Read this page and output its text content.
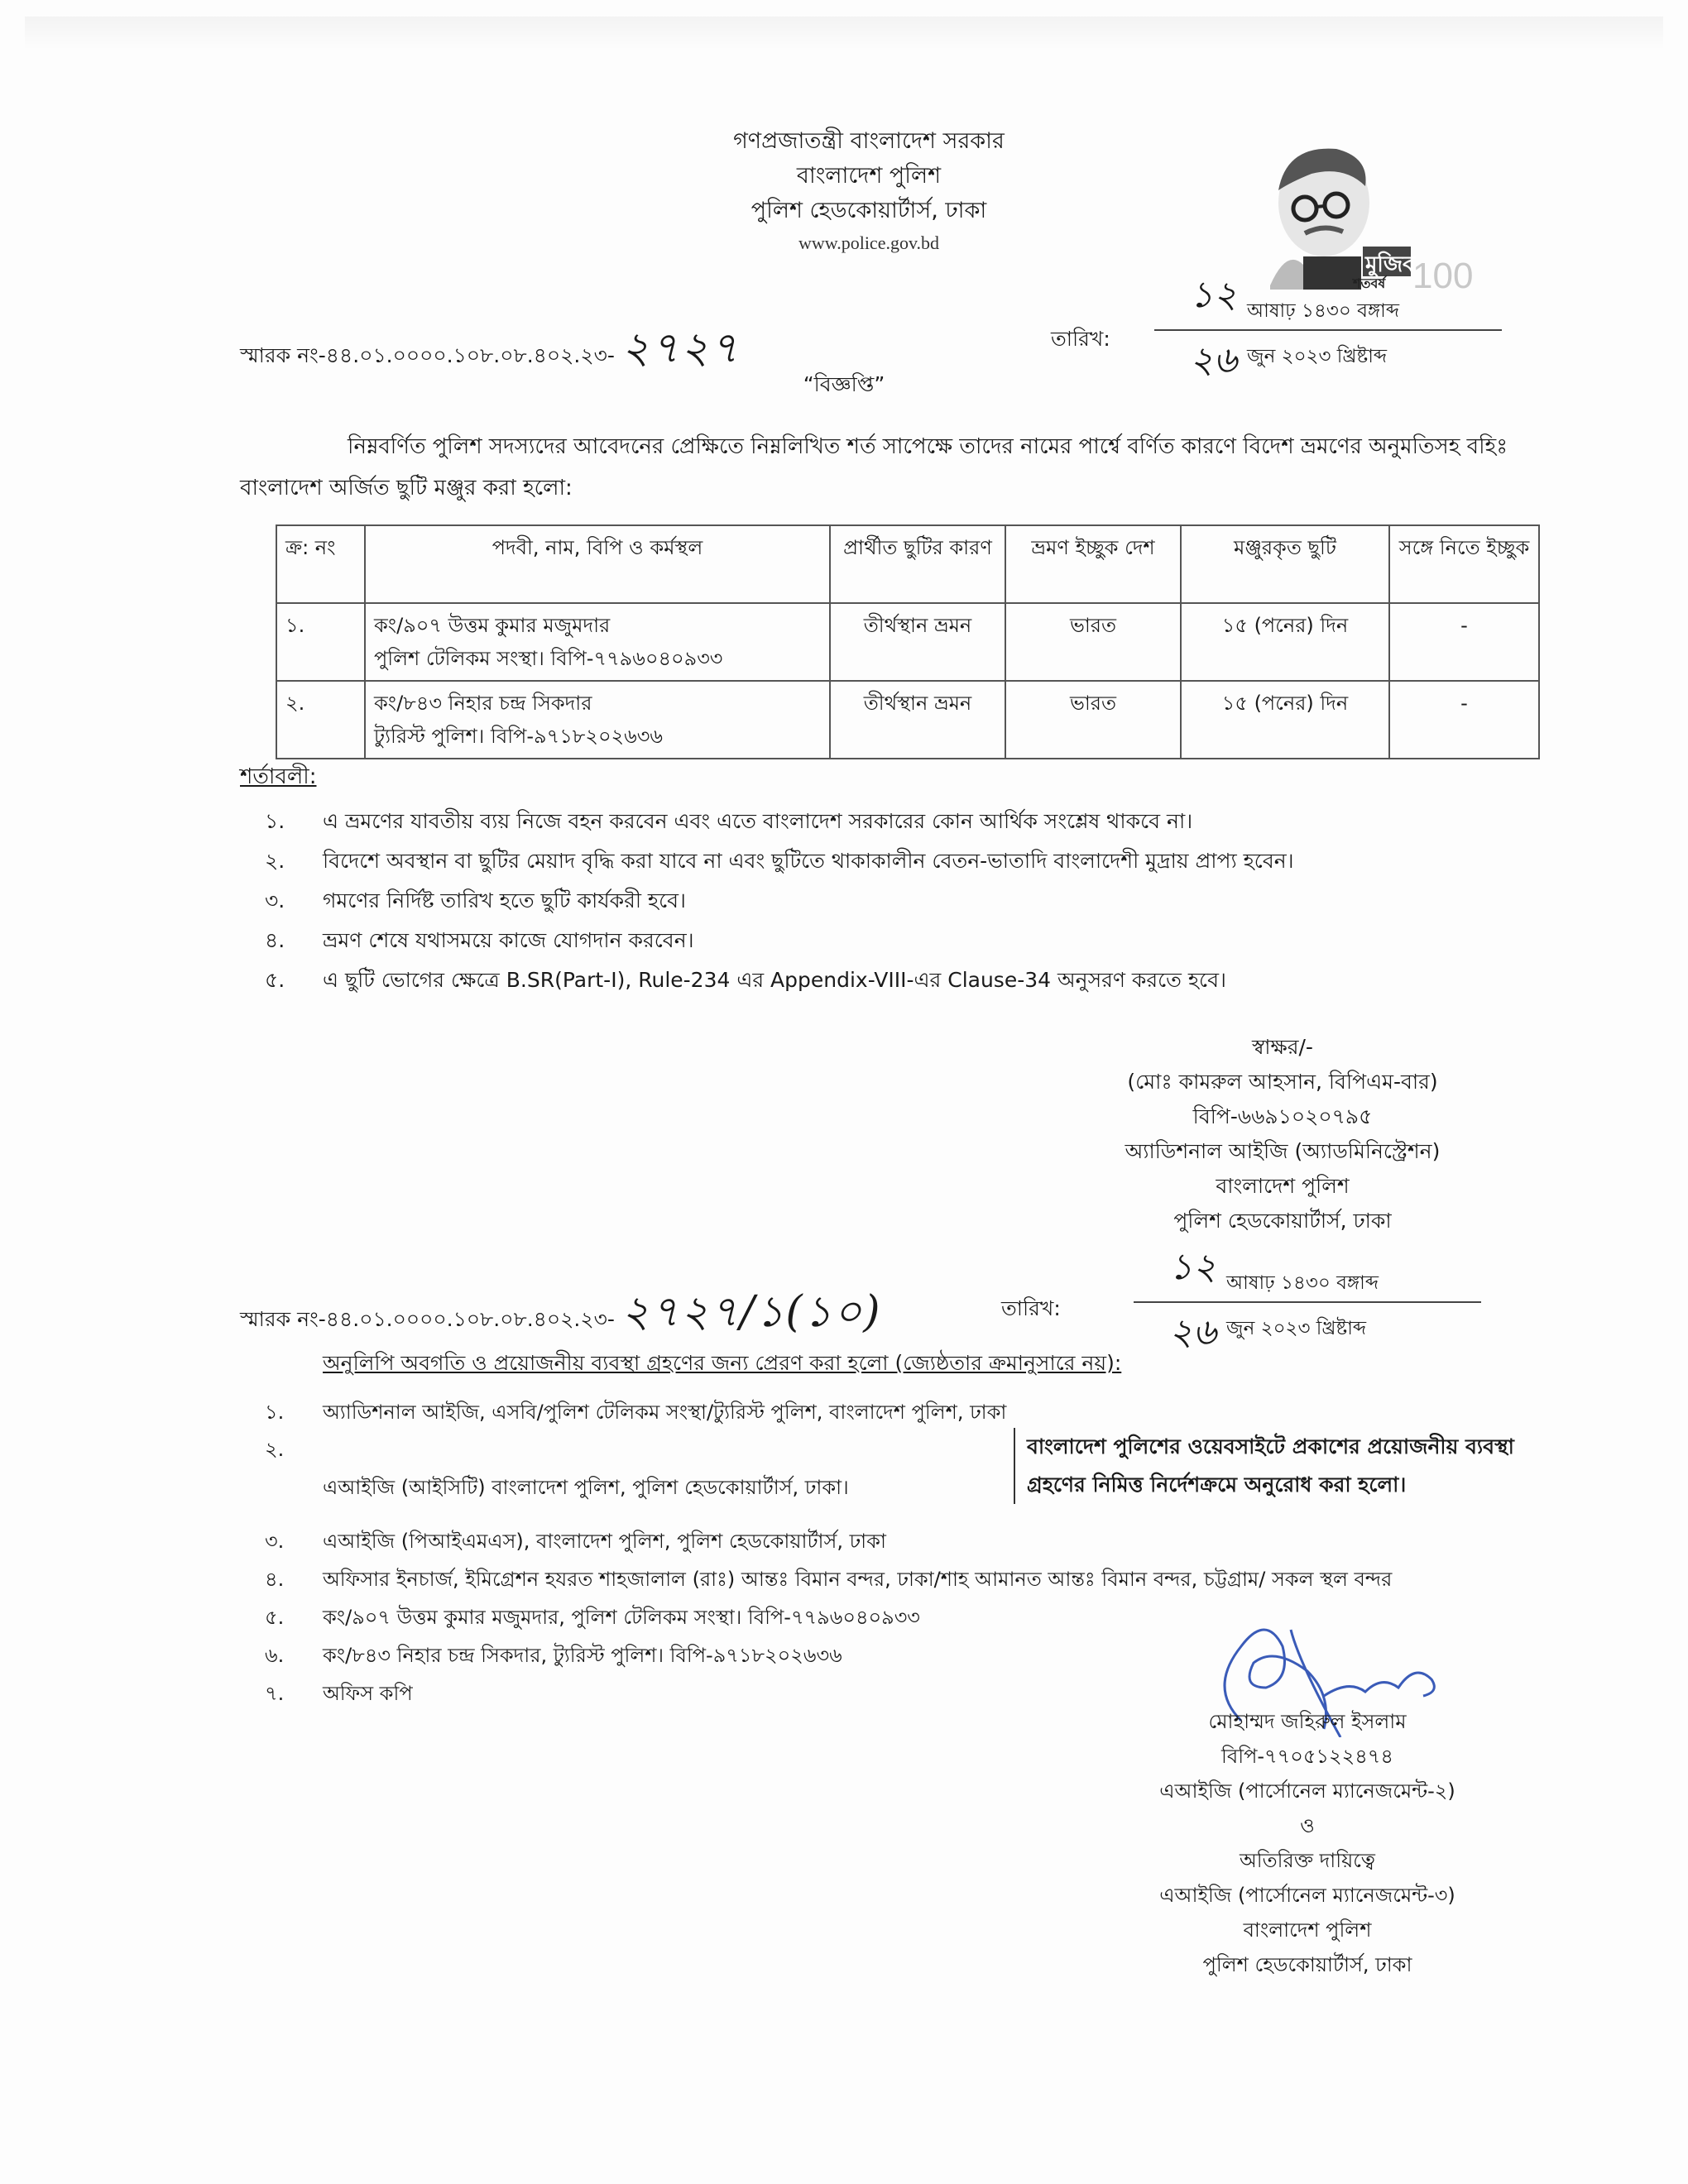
গণপ্রজাতন্ত্রী বাংলাদেশ সরকার
বাংলাদেশ পুলিশ
পুলিশ হেডকোয়ার্টার্স, ঢাকা
www.police.gov.bd
মুজিব
শতবর্ষ 100
স্মারক নং-৪৪.০১.০০০০.১০৮.০৮.৪০২.২৩- ২৭২৭	তারিখ:
১২ আষাঢ় ১৪৩০ বঙ্গাব্দ
২৬ জুন ২০২৩ খ্রিষ্টাব্দ
“বিজ্ঞপ্তি”
নিম্নবর্ণিত পুলিশ সদস্যদের আবেদনের প্রেক্ষিতে নিম্নলিখিত শর্ত সাপেক্ষে তাদের নামের পার্শ্বে বর্ণিত কারণে বিদেশ ভ্রমণের অনুমতিসহ বহিঃ বাংলাদেশ অর্জিত ছুটি মঞ্জুর করা হলো:
ক্র: নং	পদবী, নাম, বিপি ও কর্মস্থল	প্রার্থীত ছুটির কারণ	ভ্রমণ ইচ্ছুক দেশ	মঞ্জুরকৃত ছুটি	সঙ্গে নিতে ইচ্ছুক
১.	কং/৯০৭ উত্তম কুমার মজুমদার
পুলিশ টেলিকম সংস্থা। বিপি-৭৭৯৬০৪০৯৩৩	তীর্থস্থান ভ্রমন	ভারত	১৫ (পনের) দিন	-
২.	কং/৮৪৩ নিহার চন্দ্র সিকদার
ট্যুরিস্ট পুলিশ। বিপি-৯৭১৮২০২৬৩৬	তীর্থস্থান ভ্রমন	ভারত	১৫ (পনের) দিন	-
শর্তাবলী:
১.	এ ভ্রমণের যাবতীয় ব্যয় নিজে বহন করবেন এবং এতে বাংলাদেশ সরকারের কোন আর্থিক সংশ্লেষ থাকবে না।
২.	বিদেশে অবস্থান বা ছুটির মেয়াদ বৃদ্ধি করা যাবে না এবং ছুটিতে থাকাকালীন বেতন-ভাতাদি বাংলাদেশী মুদ্রায় প্রাপ্য হবেন।
৩.	গমণের নির্দিষ্ট তারিখ হতে ছুটি কার্যকরী হবে।
৪.	ভ্রমণ শেষে যথাসময়ে কাজে যোগদান করবেন।
৫.	এ ছুটি ভোগের ক্ষেত্রে B.SR(Part-I), Rule-234 এর Appendix-VIII-এর Clause-34 অনুসরণ করতে হবে।
স্বাক্ষর/-
(মোঃ কামরুল আহসান, বিপিএম-বার)
বিপি-৬৬৯১০২০৭৯৫
অ্যাডিশনাল আইজি (অ্যাডমিনিস্ট্রেশন)
বাংলাদেশ পুলিশ
পুলিশ হেডকোয়ার্টার্স, ঢাকা
স্মারক নং-৪৪.০১.০০০০.১০৮.০৮.৪০২.২৩- ২৭২৭/১(১০)	তারিখ:
১২ আষাঢ় ১৪৩০ বঙ্গাব্দ
২৬ জুন ২০২৩ খ্রিষ্টাব্দ
অনুলিপি অবগতি ও প্রয়োজনীয় ব্যবস্থা গ্রহণের জন্য প্রেরণ করা হলো (জ্যেষ্ঠতার ক্রমানুসারে নয়):
১.	অ্যাডিশনাল আইজি, এসবি/পুলিশ টেলিকম সংস্থা/ট্যুরিস্ট পুলিশ, বাংলাদেশ পুলিশ, ঢাকা
২.
এআইজি (আইসিটি) বাংলাদেশ পুলিশ, পুলিশ হেডকোয়ার্টার্স, ঢাকা।
বাংলাদেশ পুলিশের ওয়েবসাইটে প্রকাশের প্রয়োজনীয় ব্যবস্থা গ্রহণের নিমিত্ত নির্দেশক্রমে অনুরোধ করা হলো।
৩.	এআইজি (পিআইএমএস), বাংলাদেশ পুলিশ, পুলিশ হেডকোয়ার্টার্স, ঢাকা
৪.	অফিসার ইনচার্জ, ইমিগ্রেশন হযরত শাহজালাল (রাঃ) আন্তঃ বিমান বন্দর, ঢাকা/শাহ আমানত আন্তঃ বিমান বন্দর, চট্টগ্রাম/ সকল স্থল বন্দর
৫.	কং/৯০৭ উত্তম কুমার মজুমদার, পুলিশ টেলিকম সংস্থা। বিপি-৭৭৯৬০৪০৯৩৩
৬.	কং/৮৪৩ নিহার চন্দ্র সিকদার, ট্যুরিস্ট পুলিশ। বিপি-৯৭১৮২০২৬৩৬
৭.	অফিস কপি
মোহাম্মদ জহিরুল ইসলাম
বিপি-৭৭০৫১২২৪৭৪
এআইজি (পার্সোনেল ম্যানেজমেন্ট-২)
ও
অতিরিক্ত দায়িত্বে
এআইজি (পার্সোনেল ম্যানেজমেন্ট-৩)
বাংলাদেশ পুলিশ
পুলিশ হেডকোয়ার্টার্স, ঢাকা
